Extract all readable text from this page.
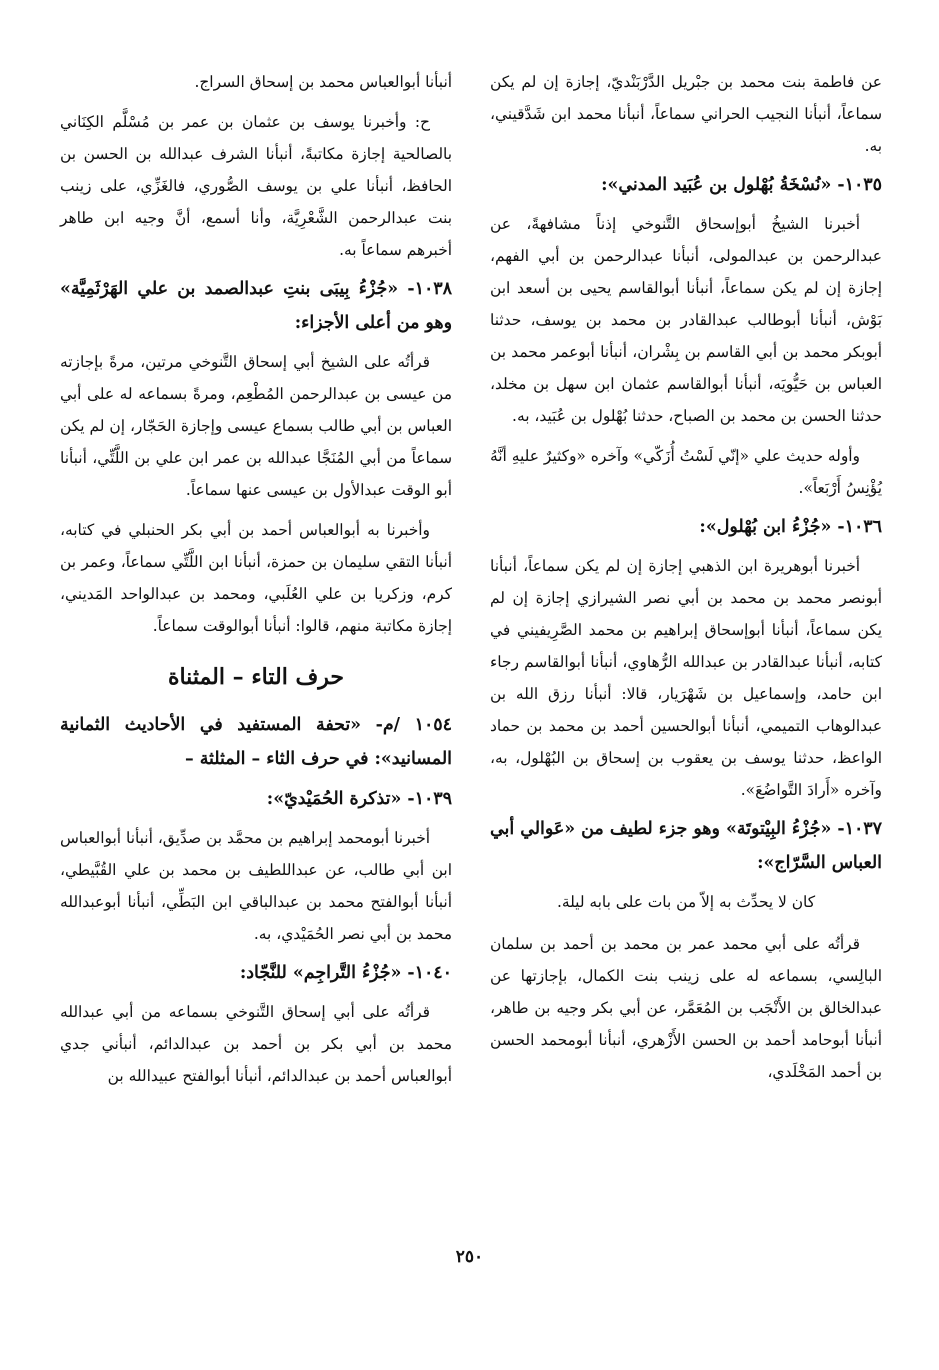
عن فاطمة بنت محمد بن جبْريل الدَّرْبَنْديّ، إجازة إن لم يكن سماعاً، أنبأنا النجيب الحراني سماعاً، أنبأنا محمد ابن شَدَّقيني، به.

١٠٣٥- «نُسْخَةُ بُهْلول بن عُبَيد المدني»:

أخبرنا الشيخُ أبوإسحاق التَّنوخي إذناً مشافهةً، عن عبدالرحمن بن عبدالمولى، أنبأنا عبدالرحمن بن أبي الفهم، إجازة إن لم يكن سماعاً، أنبأنا أبوالقاسم يحيى بن أسعد ابن بَوْش، أنبأنا أبوطالب عبدالقادر بن محمد بن يوسف، حدثنا أبوبكر محمد بن أبي القاسم بن بِشْران، أنبأنا أبوعمر محمد بن العباس بن حَيُّويَه، أنبأنا أبوالقاسم عثمان ابن سهل بن مخلد، حدثنا الحسن بن محمد بن الصباح، حدثنا بُهْلول بن عُبَيد، به.

وأوله حديث علي «إنّي لَسْتُ أُزَكّي» وآخره «وكثيرٌ عليهِ أنَّهُ يُؤْنِسُ أَرْبَعاً».

١٠٣٦- «جُزْءُ ابن بُهْلول»:

أخبرنا أبوهريرة ابن الذهبي إجازة إن لم يكن سماعاً، أنبأنا أبونصر محمد بن محمد بن أبي نصر الشيرازي إجازة إن لم يكن سماعاً، أنبأنا أبوإسحاق إبراهيم بن محمد الصَّرِيفيني في كتابه، أنبأنا عبدالقادر بن عبدالله الرُّهاوي، أنبأنا أبوالقاسم رجاء ابن حامد، وإسماعيل بن شَهْرَيار، قالا: أنبأنا رزق الله بن عبدالوهاب التميمي، أنبأنا أبوالحسين أحمد بن محمد بن حماد الواعظ، حدثنا يوسف بن يعقوب بن إسحاق بن البُهْلول، به، وآخره «أَرادَ التَّواضُعَ».

١٠٣٧- «جُزْءُ البِيْتوتَة» وهو جزء لطيف من «عَوالي أبي العباس السَّرّاج»:

كان لا يحدِّث به إلاّ من بات على بابه ليلة.

قرأتُه على أبي محمد عمر بن محمد بن أحمد بن سلمان البالِسي، بسماعه له على زينب بنت الكمال، بإجازتها عن عبدالخالق بن الأَنْجَب بن المُعَمَّر، عن أبي بكر وجيه بن طاهر، أنبأنا أبوحامد أحمد بن الحسن الأَزْهري، أنبأنا أبومحمد الحسن بن أحمد المَخْلَدي،

أنبأنا أبوالعباس محمد بن إسحاق السراج.

ح: وأخبرنا يوسف بن عثمان بن عمر بن مُسْلَّم الكِنَاني بالصالحية إجازة مكاتبةً، أنبأنا الشرف عبدالله بن الحسن بن الحافظ، أنبأنا علي بن يوسف الصُّوري، فالغَزِّي، على زينب بنت عبدالرحمن الشَّعْرِيَّة، وأنا أسمع، أنَّ وجيه ابن طاهر أخبرهم سماعاً به.

١٠٣٨- «جُزْءُ بِيبَى بنتِ عبدالصمد بن علي الهَرْثَمِيَّة» وهو من أعلى الأجزاء:

قرأتُه على الشيخ أبي إسحاق التَّنوخي مرتين، مرةً بإجازته من عيسى بن عبدالرحمن المُطْعِم، ومرةً بسماعه له على أبي العباس بن أبي طالب بسماع عيسى وإجازة الحَجّار، إن لم يكن سماعاً من أبي المُنَجَّا عبدالله بن عمر ابن علي بن اللَّتِّي، أنبأنا أبو الوقت عبدالأول بن عيسى عنها سماعاً.

وأخبرنا به أبوالعباس أحمد بن أبي بكر الحنبلي في كتابه، أنبأنا التقي سليمان بن حمزة، أنبأنا ابن اللَّتِّي سماعاً، وعمر بن كرم، وزكريا بن علي العُلَبي، ومحمد بن عبدالواحد المَديني، إجازة مكاتبة منهم، قالوا: أنبأنا أبوالوقت سماعاً.

حرف التاء – المثناة
١٠٥٤ /م- «تحفة المستفيد في الأحاديث الثمانية المسانيد»: في حرف الثاء – المثلثة –
١٠٣٩- «تذكرة الحُمَيْديّ»:

أخبرنا أبومحمد إبراهيم بن محمَّد بن صدِّيق، أنبأنا أبوالعباس ابن أبي طالب، عن عبداللطيف بن محمد بن علي القُبَّيطي، أنبأنا أبوالفتح محمد بن عبدالباقي ابن البَطِّي، أنبأنا أبوعبدالله محمد بن أبي نصر الحُمَيْدي، به.

١٠٤٠- «جُزْءُ التَّراجِم» للنَّجّاد:

قرأتُه على أبي إسحاق التَّنوخي بسماعه من أبي عبدالله محمد بن أبي بكر بن أحمد بن عبدالدائم، أنبأني جدي أبوالعباس أحمد بن عبدالدائم، أنبأنا أبوالفتح عبيدالله بن

٢٥٠
